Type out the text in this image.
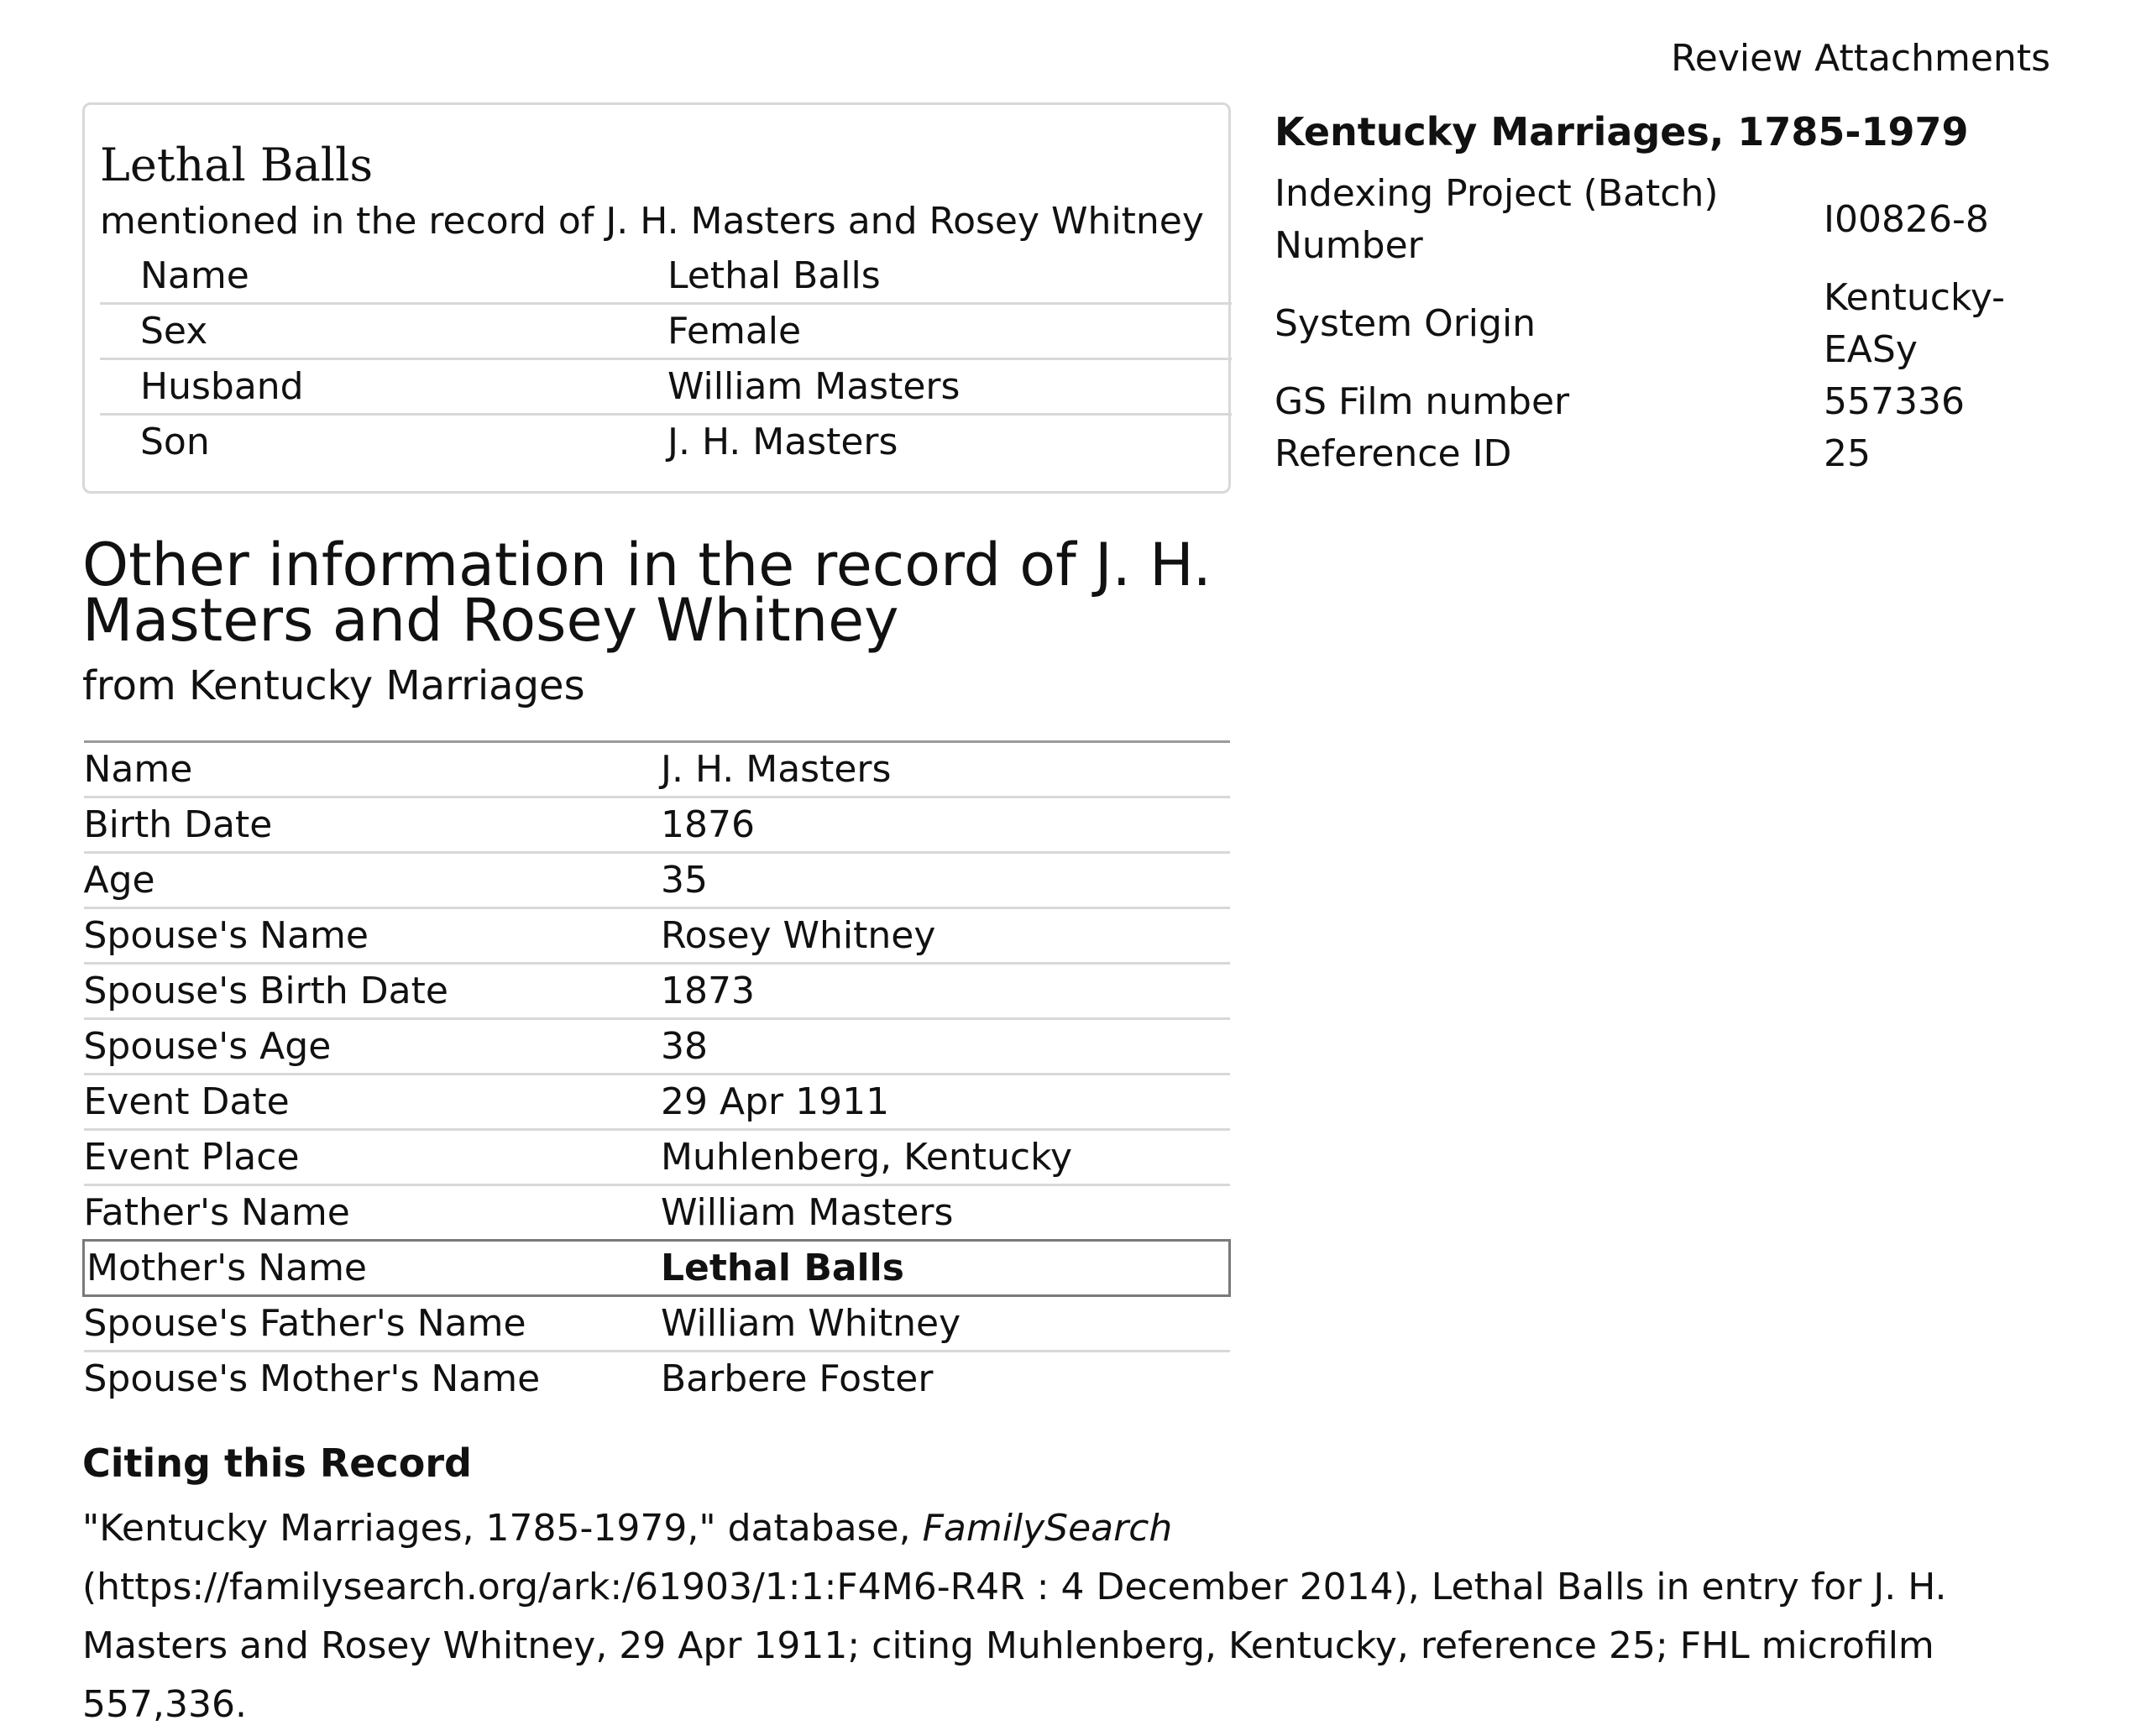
Review Attachments
Lethal Balls

mentioned in the record of J. H. Masters and Rosey Whitney

Name	Lethal Balls
Sex	Female
Husband	William Masters
Son	J. H. Masters
Kentucky Marriages, 1785-1979
Indexing Project (Batch) Number	I00826-8
System Origin	Kentucky-EASy
GS Film number	557336
Reference ID	25
Other information in the record of J. H. Masters and Rosey Whitney

from Kentucky Marriages

Name	J. H. Masters
Birth Date	1876
Age	35
Spouse's Name	Rosey Whitney
Spouse's Birth Date	1873
Spouse's Age	38
Event Date	29 Apr 1911
Event Place	Muhlenberg, Kentucky
Father's Name	William Masters
Mother's Name	Lethal Balls
Spouse's Father's Name	William Whitney
Spouse's Mother's Name	Barbere Foster
Citing this Record

"Kentucky Marriages, 1785-1979," database, FamilySearch (https://familysearch.org/ark:/61903/1:1:F4M6-R4R : 4 December 2014), Lethal Balls in entry for J. H. Masters and Rosey Whitney, 29 Apr 1911; citing Muhlenberg, Kentucky, reference 25; FHL microfilm 557,336.
